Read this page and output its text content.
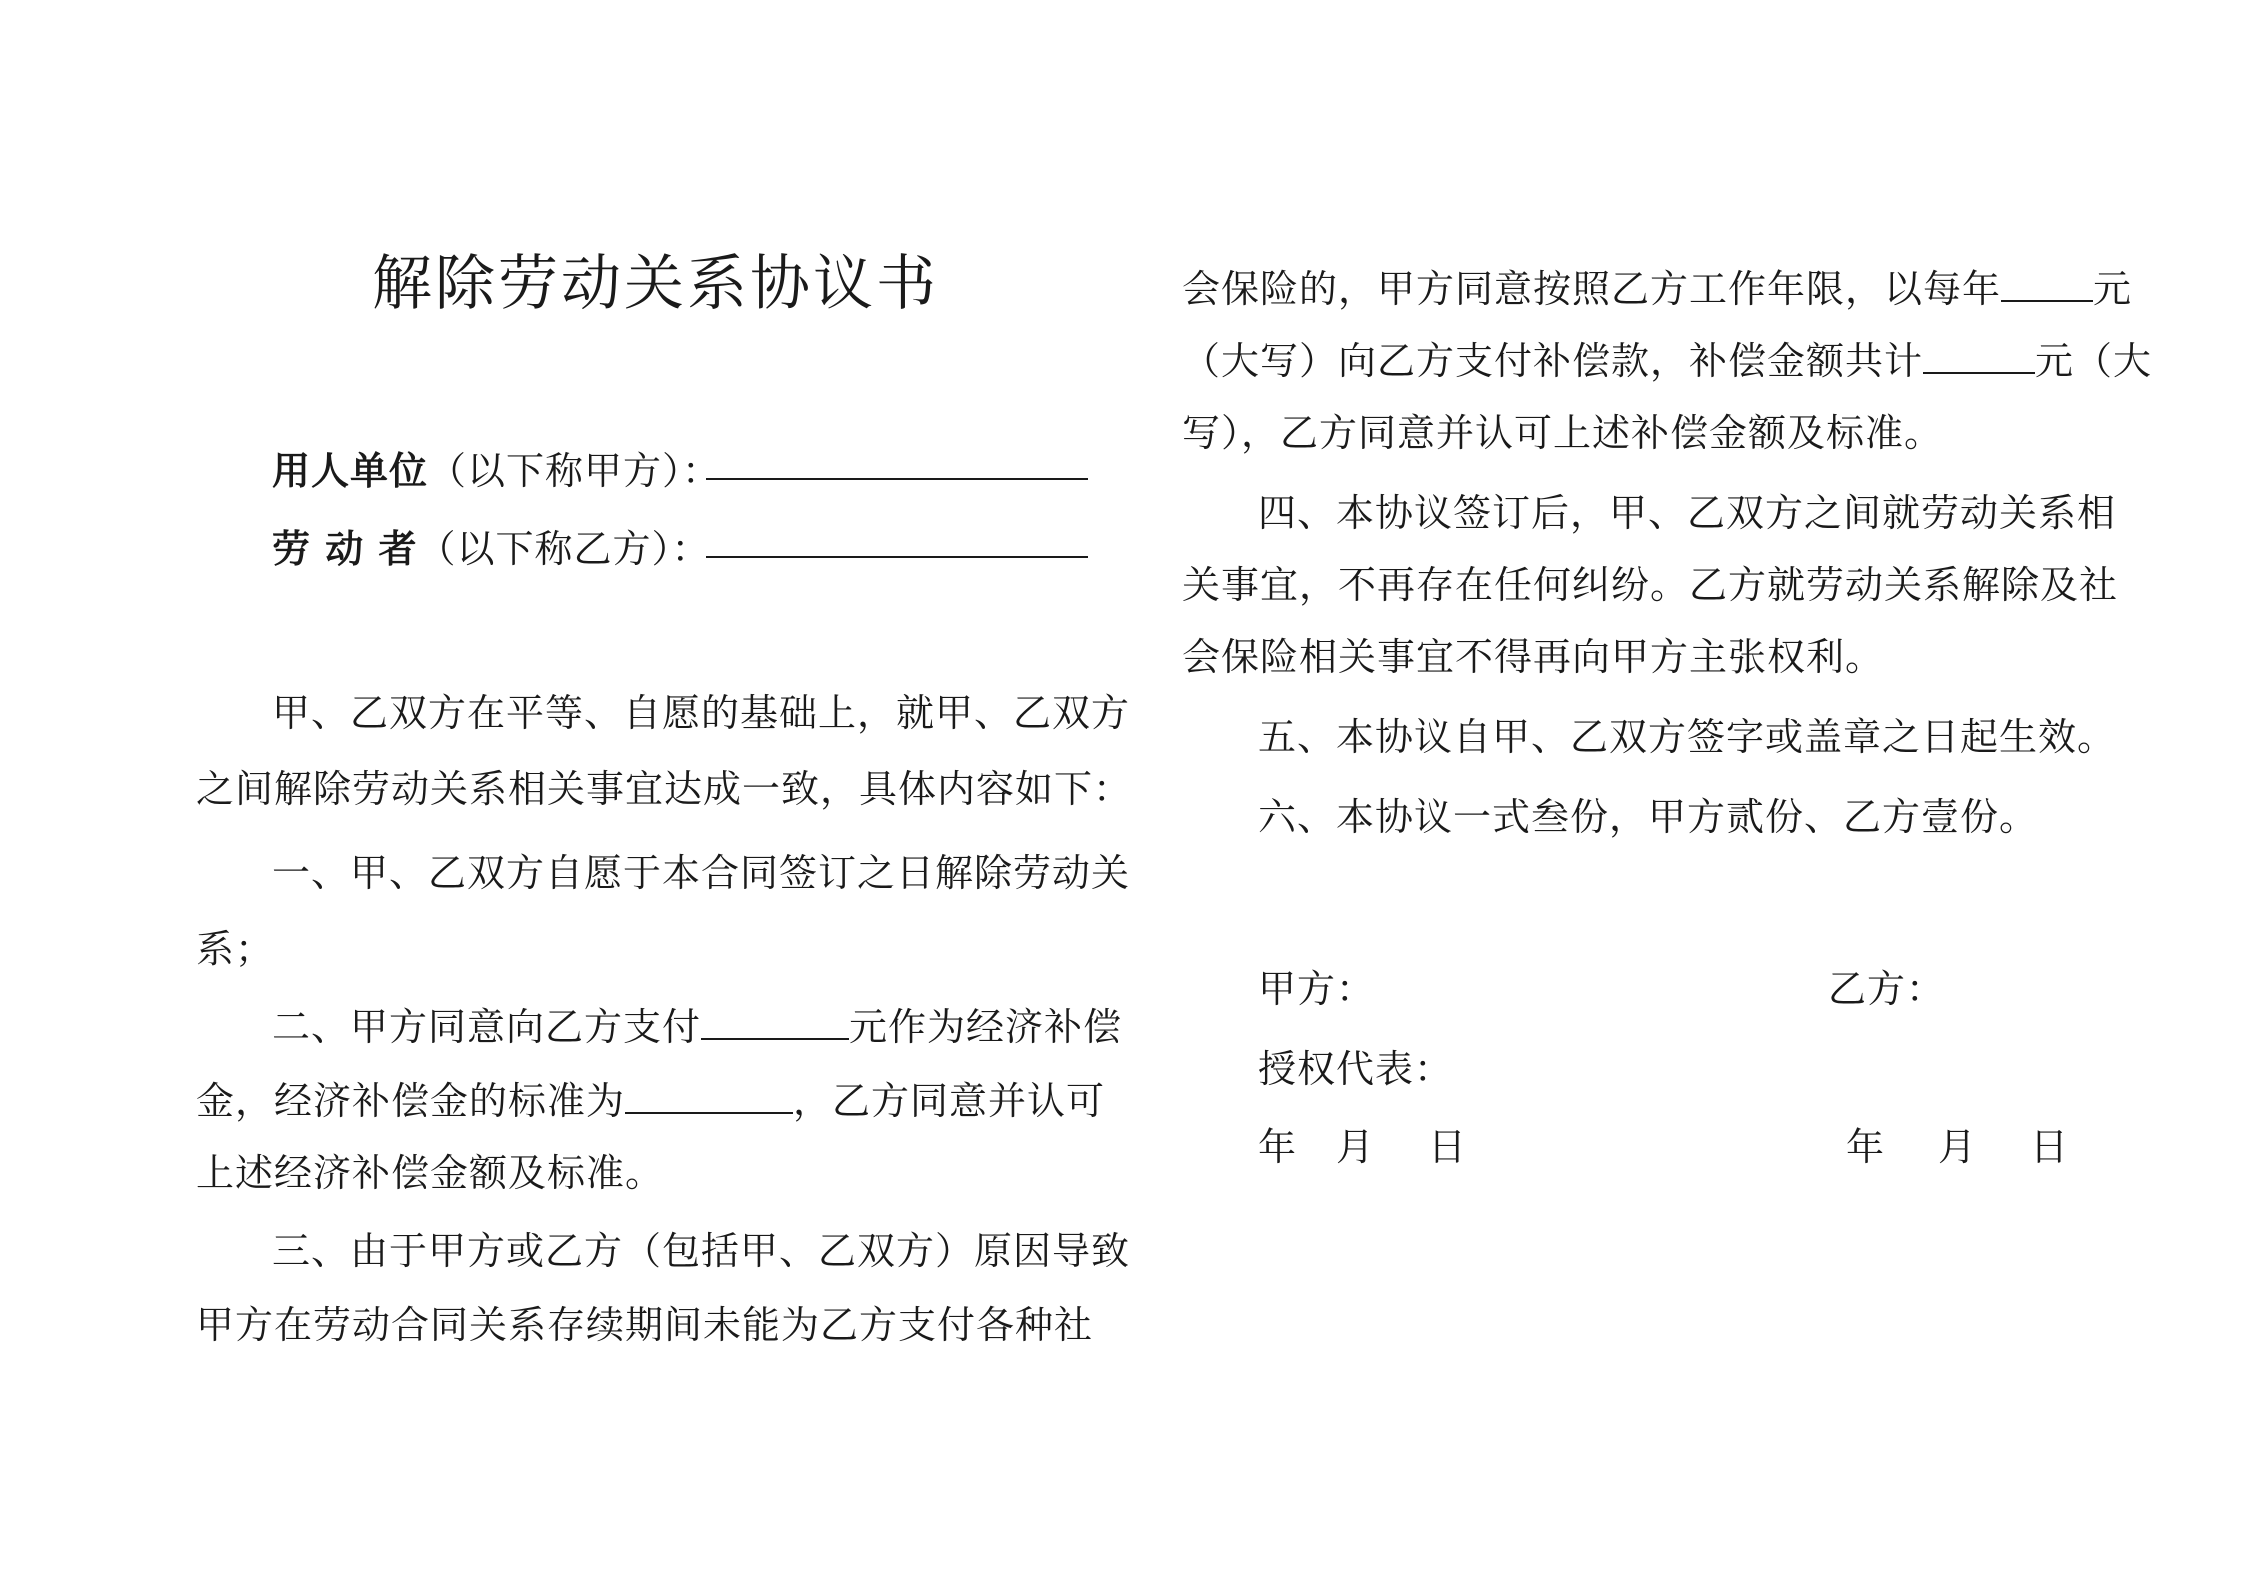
解除劳动关系协议书
用人单位（以下称甲方）：
劳 动 者（以下称乙方）：
甲、乙双方在平等、自愿的基础上，就甲、乙双方
之间解除劳动关系相关事宜达成一致，具体内容如下：
一、甲、乙双方自愿于本合同签订之日解除劳动关
系；
二、甲方同意向乙方支付	元作为经济补偿
金，经济补偿金的标准为	，乙方同意并认可
上述经济补偿金额及标准。
三、由于甲方或乙方（包括甲、乙双方）原因导致
甲方在劳动合同关系存续期间未能为乙方支付各种社
会保险的，甲方同意按照乙方工作年限，以每年 元
（大写）向乙方支付补偿款，补偿金额共计	元（大
写），乙方同意并认可上述补偿金额及标准。
四、本协议签订后，甲、乙双方之间就劳动关系相
关事宜，不再存在任何纠纷。乙方就劳动关系解除及社
会保险相关事宜不得再向甲方主张权利。
五、本协议自甲、乙双方签字或盖章之日起生效。
六、本协议一式叁份，甲方贰份、乙方壹份。
甲方：	乙方：
授权代表：
年 月 日	年 月 日
